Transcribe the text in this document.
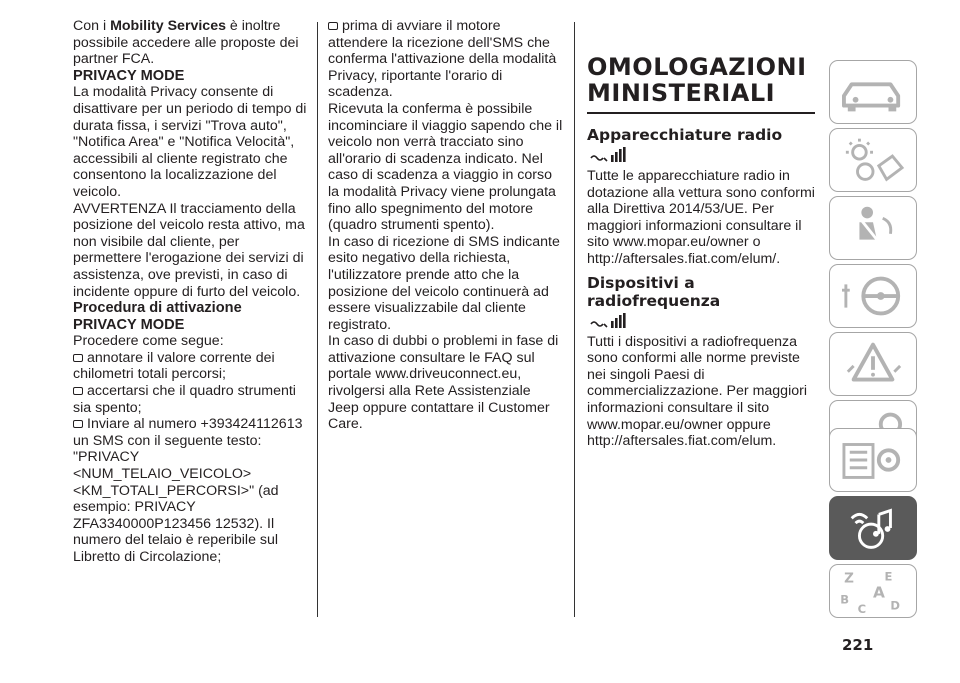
Con i Mobility Services è inoltre possibile accedere alle proposte dei partner FCA.

PRIVACY MODE

La modalità Privacy consente di disattivare per un periodo di tempo di durata fissa, i servizi "Trova auto", "Notifica Area" e "Notifica Velocità", accessibili al cliente registrato che consentono la localizzazione del veicolo.

AVVERTENZA Il tracciamento della posizione del veicolo resta attivo, ma non visibile dal cliente, per permettere l'erogazione dei servizi di assistenza, ove previsti, in caso di incidente oppure di furto del veicolo.

Procedura di attivazione PRIVACY MODE

Procedere come segue:

annotare il valore corrente dei chilometri totali percorsi;

accertarsi che il quadro strumenti sia spento;

Inviare al numero +393424112613 un SMS con il seguente testo: "PRIVACY <NUM_TELAIO_VEICOLO> <KM_TOTALI_PERCORSI>" (ad esempio: PRIVACY ZFA3340000P123456 12532). Il numero del telaio è reperibile sul Libretto di Circolazione;

prima di avviare il motore attendere la ricezione dell'SMS che conferma l'attivazione della modalità Privacy, riportante l'orario di scadenza.

Ricevuta la conferma è possibile incominciare il viaggio sapendo che il veicolo non verrà tracciato sino all'orario di scadenza indicato. Nel caso di scadenza a viaggio in corso la modalità Privacy viene prolungata fino allo spegnimento del motore (quadro strumenti spento).

In caso di ricezione di SMS indicante esito negativo della richiesta, l'utilizzatore prende atto che la posizione del veicolo continuerà ad essere visualizzabile dal cliente registrato.

In caso di dubbi o problemi in fase di attivazione consultare le FAQ sul portale www.driveuconnect.eu, rivolgersi alla Rete Assistenziale Jeep oppure contattare il Customer Care.

OMOLOGAZIONI MINISTERIALI

Apparecchiature radio

Tutte le apparecchiature radio in dotazione alla vettura sono conformi alla Direttiva 2014/53/UE. Per maggiori informazioni consultare il sito www.mopar.eu/owner o http://aftersales.fiat.com/elum/.

Dispositivi a radiofrequenza

Tutti i dispositivi a radiofrequenza sono conformi alle norme previste nei singoli Paesi di commercializzazione. Per maggiori informazioni consultare il sito www.mopar.eu/owner oppure http://aftersales.fiat.com/elum.

Z	E
B A
C D
221
